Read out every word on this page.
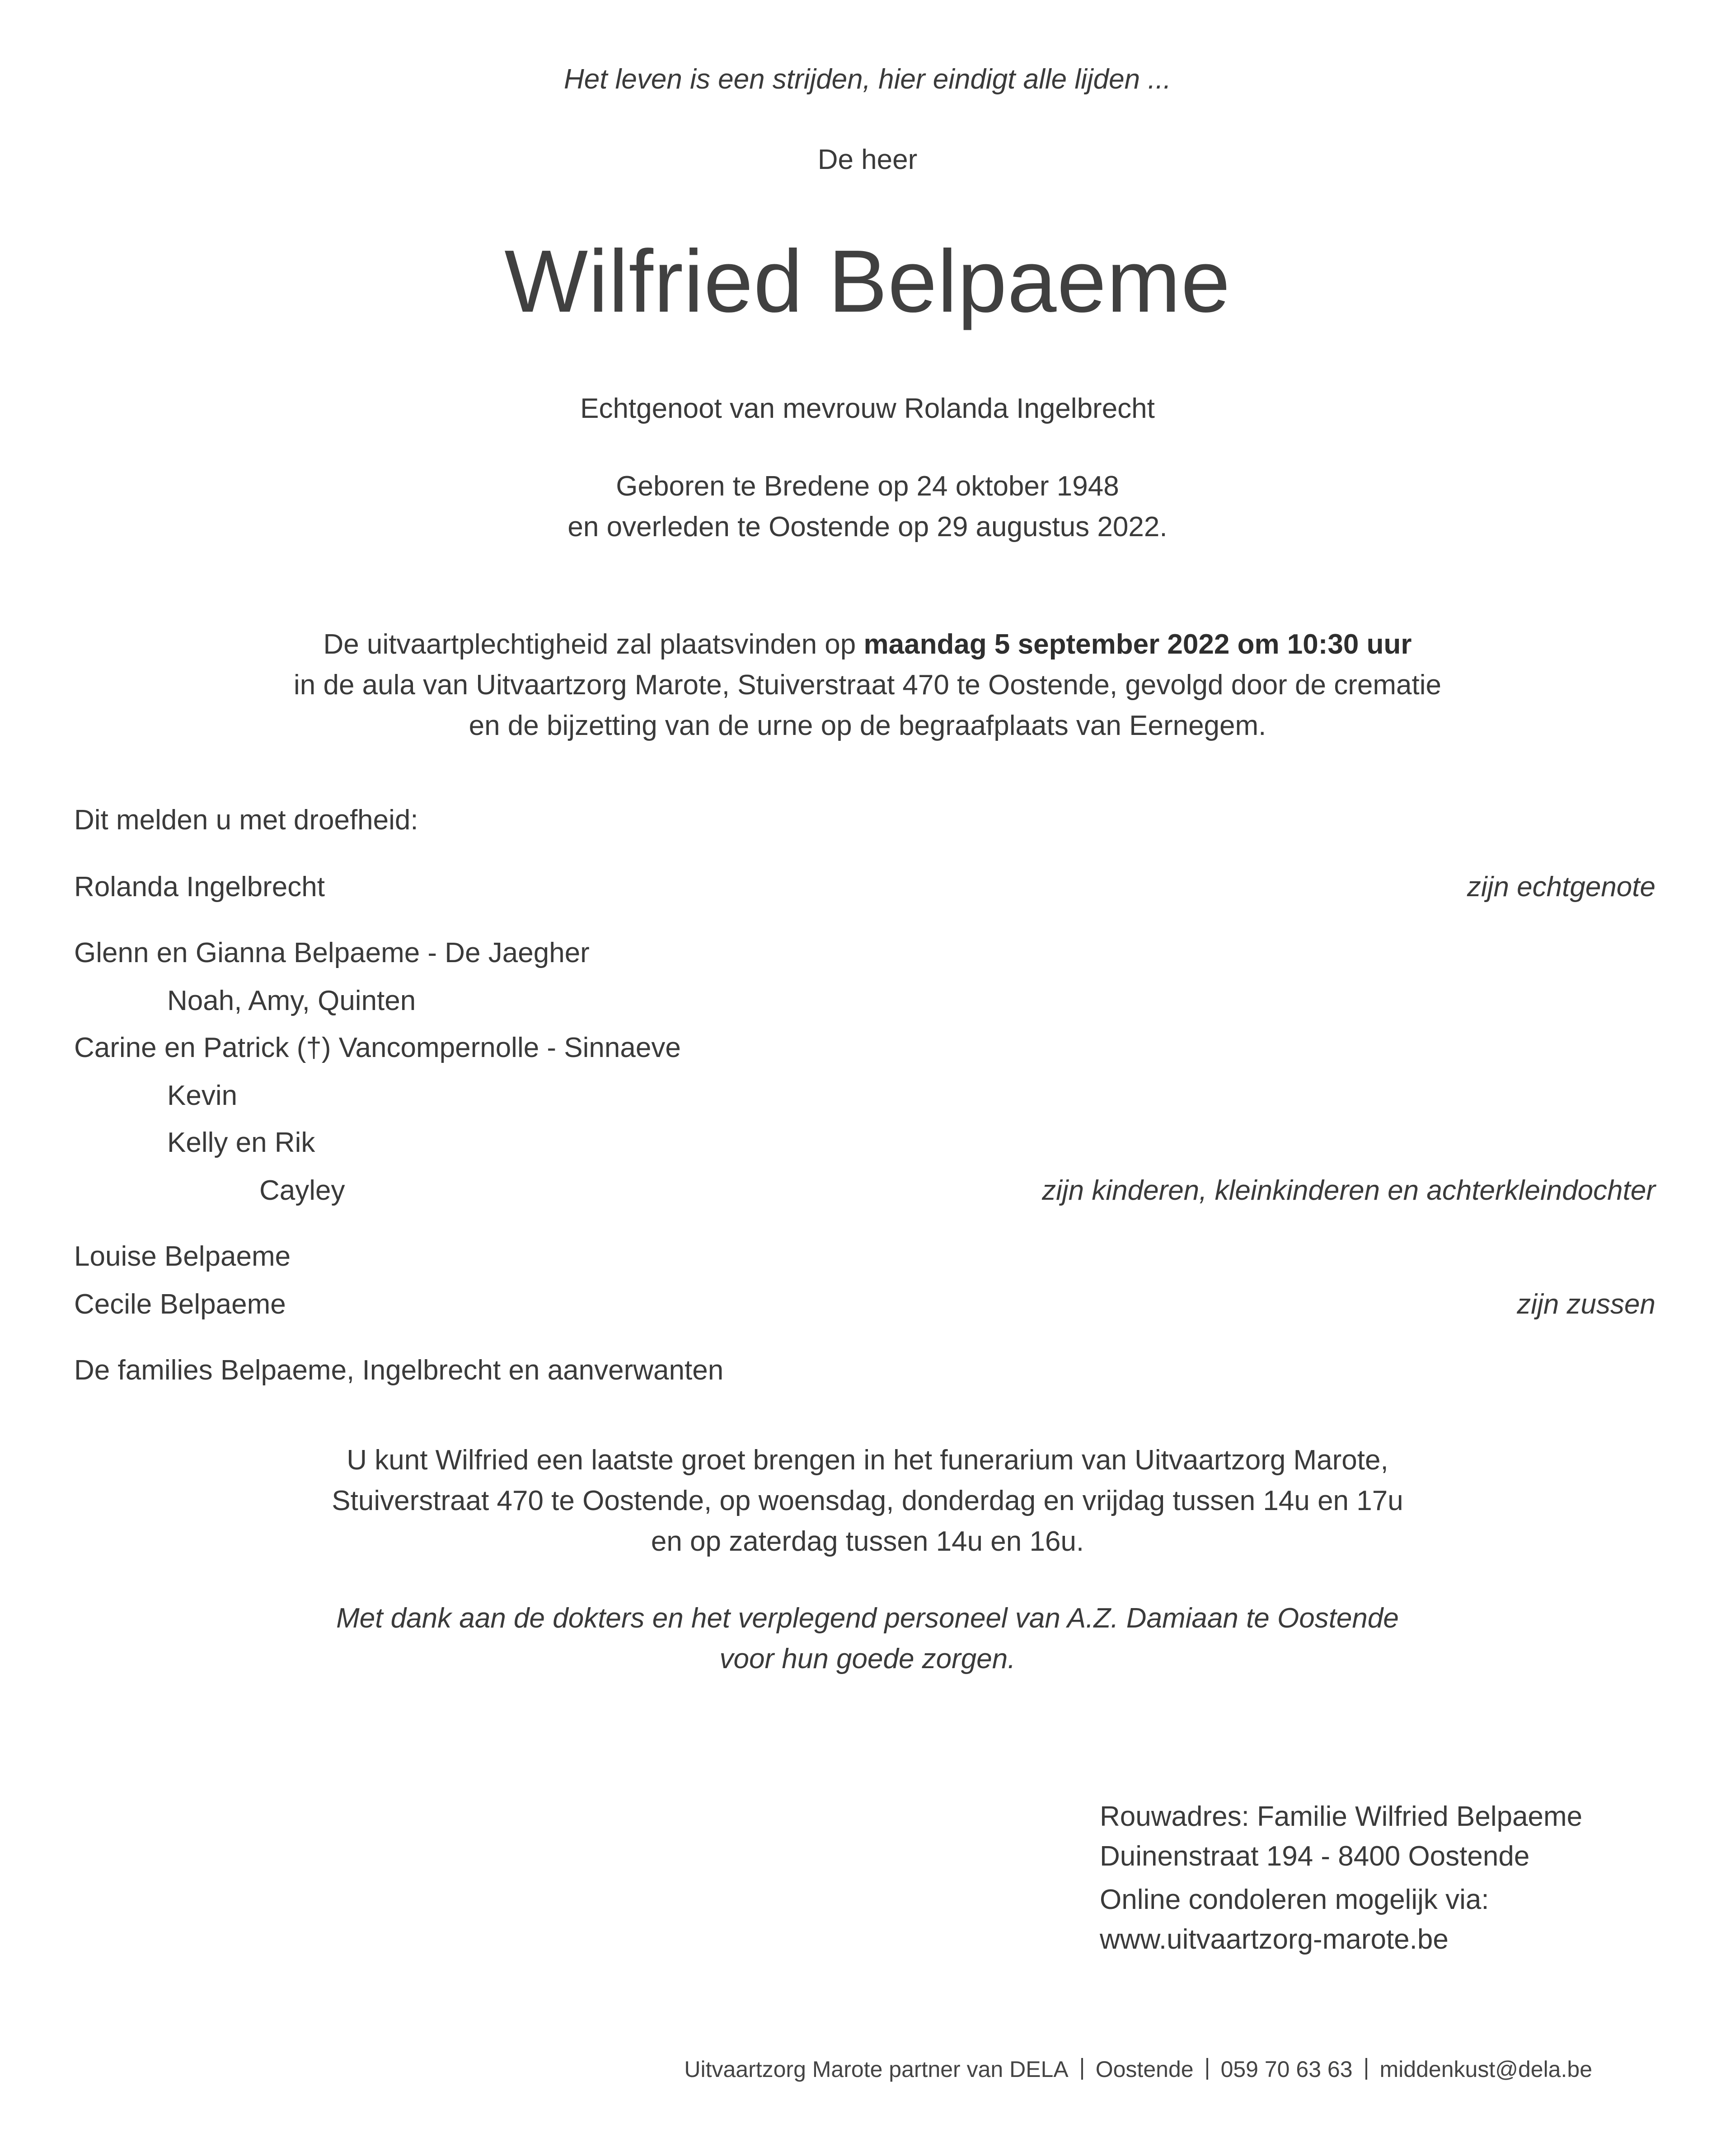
Het leven is een strijden, hier eindigt alle lijden ...

De heer

Wilfried Belpaeme

Echtgenoot van mevrouw Rolanda Ingelbrecht

Geboren te Bredene op 24 oktober 1948

en overleden te Oostende op 29 augustus 2022.

De uitvaartplechtigheid zal plaatsvinden op maandag 5 september 2022 om 10:30 uur
in de aula van Uitvaartzorg Marote, Stuiverstraat 470 te Oostende, gevolgd door de crematie
en de bijzetting van de urne op de begraafplaats van Eernegem.

Dit melden u met droefheid:

Rolanda Ingelbrecht	zijn echtgenote

Glenn en Gianna Belpaeme - De Jaegher

Noah, Amy, Quinten

Carine en Patrick (†) Vancompernolle - Sinnaeve

Kevin

Kelly en Rik

Cayley	zijn kinderen, kleinkinderen en achterkleindochter

Louise Belpaeme

Cecile Belpaeme	zijn zussen

De families Belpaeme, Ingelbrecht en aanverwanten

U kunt Wilfried een laatste groet brengen in het funerarium van Uitvaartzorg Marote,
Stuiverstraat 470 te Oostende, op woensdag, donderdag en vrijdag tussen 14u en 17u
en op zaterdag tussen 14u en 16u.
Met dank aan de dokters en het verplegend personeel van A.Z. Damiaan te Oostende
voor hun goede zorgen.
Rouwadres: Familie Wilfried Belpaeme
Duinenstraat 194 - 8400 Oostende
Online condoleren mogelijk via:
www.uitvaartzorg-marote.be
Uitvaartzorg Marote partner van DELA Oostende 059 70 63 63 middenkust@dela.be
